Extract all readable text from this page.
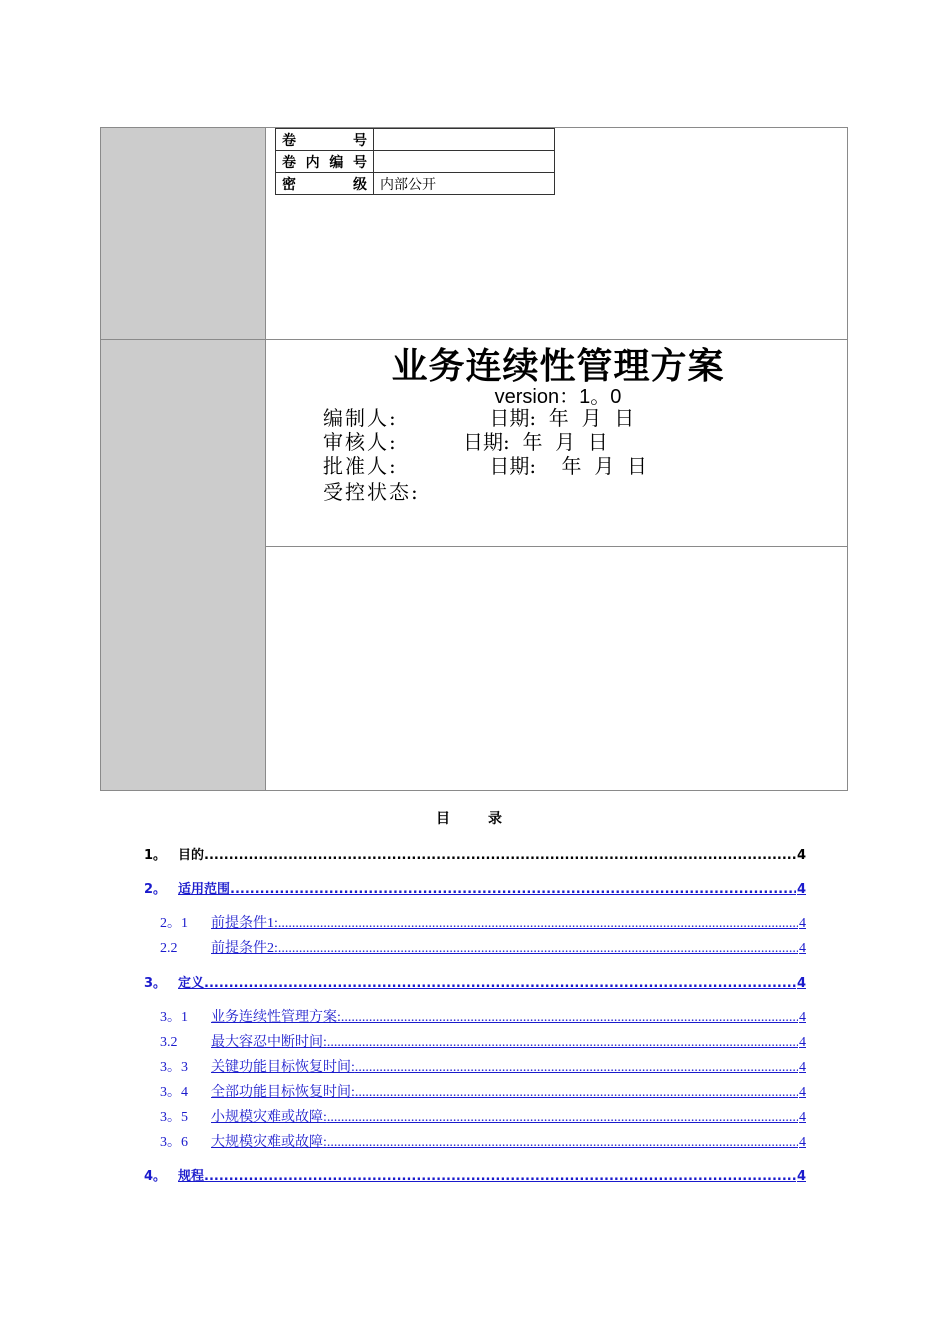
卷　号	
卷内编号	
密　级	内部公开
业务连续性管理方案
version：1。0
编制人:	　 日期:  年  月  日
审核人:	日期:  年  月  日
批准人:	　 日期:    年  月  日
受控状态:
目　录
1。 目的 .....	4
2。 适用范围 .....	4
2。1	前提条件1: .....	4
2.2	前提条件2: .....	4
3。 定义 .....	4
3。1	业务连续性管理方案: .....	4
3.2	最大容忍中断时间: .....	4
3。3	关键功能目标恢复时间: .....	4
3。4	全部功能目标恢复时间: .....	4
3。5	小规模灾难或故障: .....	4
3。6	大规模灾难或故障: .....	4
4。 规程 .....	4
